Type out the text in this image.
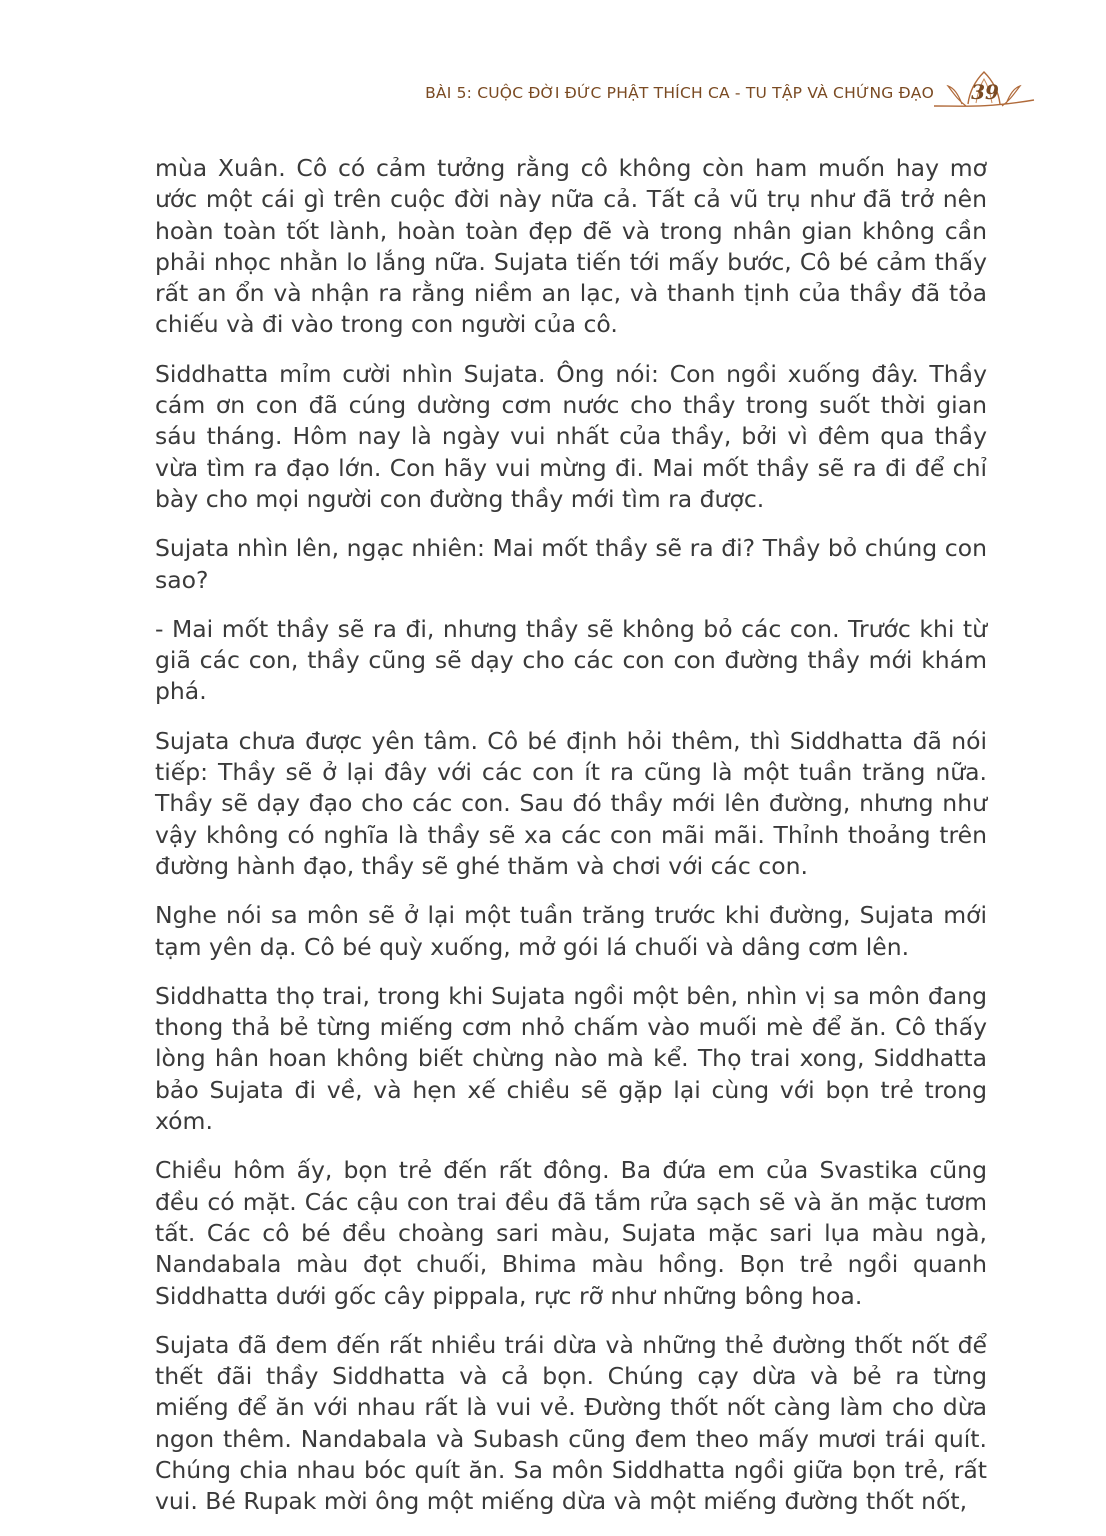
BÀI 5: CUỘC ĐỜI ĐỨC PHẬT THÍCH CA - TU TẬP VÀ CHỨNG ĐẠO	39

mùa Xuân. Cô có cảm tưởng rằng cô không còn ham muốn hay mơ ước một cái gì trên cuộc đời này nữa cả. Tất cả vũ trụ như đã trở nên hoàn toàn tốt lành, hoàn toàn đẹp đẽ và trong nhân gian không cần phải nhọc nhằn lo lắng nữa. Sujata tiến tới mấy bước, Cô bé cảm thấy rất an ổn và nhận ra rằng niềm an lạc, và thanh tịnh của thầy đã tỏa chiếu và đi vào trong con người của cô.

Siddhatta mỉm cười nhìn Sujata. Ông nói: Con ngồi xuống đây. Thầy cám ơn con đã cúng dường cơm nước cho thầy trong suốt thời gian sáu tháng. Hôm nay là ngày vui nhất của thầy, bởi vì đêm qua thầy vừa tìm ra đạo lớn. Con hãy vui mừng đi. Mai mốt thầy sẽ ra đi để chỉ bày cho mọi người con đường thầy mới tìm ra được.

Sujata nhìn lên, ngạc nhiên: Mai mốt thầy sẽ ra đi? Thầy bỏ chúng con sao?

- Mai mốt thầy sẽ ra đi, nhưng thầy sẽ không bỏ các con. Trước khi từ giã các con, thầy cũng sẽ dạy cho các con con đường thầy mới khám phá.

Sujata chưa được yên tâm. Cô bé định hỏi thêm, thì Siddhatta đã nói tiếp: Thầy sẽ ở lại đây với các con ít ra cũng là một tuần trăng nữa. Thầy sẽ dạy đạo cho các con. Sau đó thầy mới lên đường, nhưng như vậy không có nghĩa là thầy sẽ xa các con mãi mãi. Thỉnh thoảng trên đường hành đạo, thầy sẽ ghé thăm và chơi với các con.

Nghe nói sa môn sẽ ở lại một tuần trăng trước khi đường, Sujata mới tạm yên dạ. Cô bé quỳ xuống, mở gói lá chuối và dâng cơm lên.

Siddhatta thọ trai, trong khi Sujata ngồi một bên, nhìn vị sa môn đang thong thả bẻ từng miếng cơm nhỏ chấm vào muối mè để ăn. Cô thấy lòng hân hoan không biết chừng nào mà kể. Thọ trai xong, Siddhatta bảo Sujata đi về, và hẹn xế chiều sẽ gặp lại cùng với bọn trẻ trong xóm.

Chiều hôm ấy, bọn trẻ đến rất đông. Ba đứa em của Svastika cũng đều có mặt. Các cậu con trai đều đã tắm rửa sạch sẽ và ăn mặc tươm tất. Các cô bé đều choàng sari màu, Sujata mặc sari lụa màu ngà, Nandabala màu đọt chuối, Bhima màu hồng. Bọn trẻ ngồi quanh Siddhatta dưới gốc cây pippala, rực rỡ như những bông hoa.

Sujata đã đem đến rất nhiều trái dừa và những thẻ đường thốt nốt để thết đãi thầy Siddhatta và cả bọn. Chúng cạy dừa và bẻ ra từng miếng để ăn với nhau rất là vui vẻ. Đường thốt nốt càng làm cho dừa ngon thêm. Nandabala và Subash cũng đem theo mấy mươi trái quít. Chúng chia nhau bóc quít ăn. Sa môn Siddhatta ngồi giữa bọn trẻ, rất vui. Bé Rupak mời ông một miếng dừa và một miếng đường thốt nốt,
